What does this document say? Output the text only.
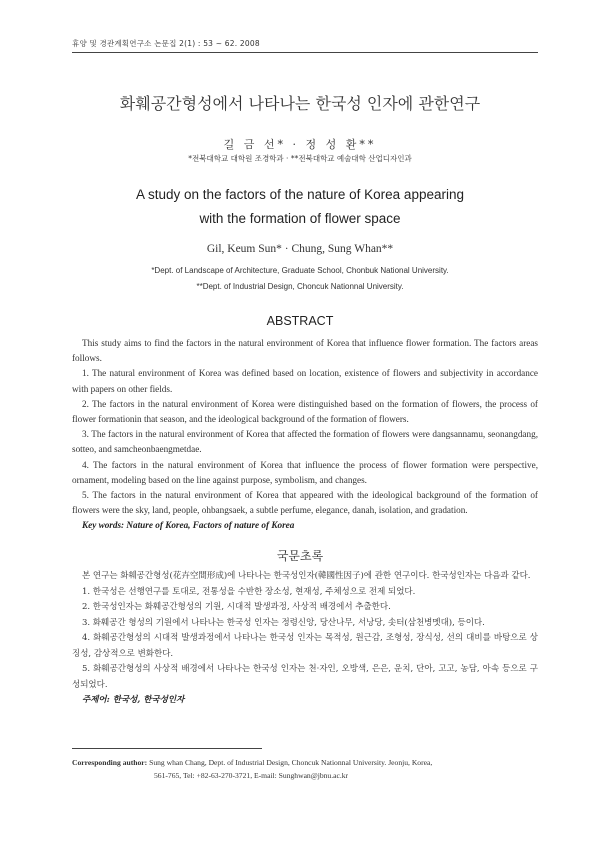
휴양 및 경관계획연구소 논문집 2(1) : 53 ~ 62. 2008
화훼공간형성에서 나타나는 한국성 인자에 관한연구
길 금 선* · 정 성 환**
*전북대학교 대학원 조경학과 · **전북대학교 예술대학 산업디자인과
A study on the factors of the nature of Korea appearing
with the formation of flower space
Gil, Keum Sun* · Chung, Sung Whan**
*Dept. of Landscape of Architecture, Graduate School, Chonbuk National University.
**Dept. of Industrial Design, Choncuk Nationnal University.
ABSTRACT

This study aims to find the factors in the natural environment of Korea that influence flower formation. The factors areas follows.

1. The natural environment of Korea was defined based on location, existence of flowers and subjectivity in accordance with papers on other fields.

2. The factors in the natural environment of Korea were distinguished based on the formation of flowers, the process of flower formationin that season, and the ideological background of the formation of flowers.

3. The factors in the natural environment of Korea that affected the formation of flowers were dangsannamu, seonangdang, sotteo, and samcheonbaengmetdae.

4. The factors in the natural environment of Korea that influence the process of flower formation were perspective, ornament, modeling based on the line against purpose, symbolism, and changes.

5. The factors in the natural environment of Korea that appeared with the ideological background of the formation of flowers were the sky, land, people, ohbangsaek, a subtle perfume, elegance, danah, isolation, and gradation.

Key words: Nature of Korea, Factors of nature of Korea

국문초록

본 연구는 화훼공간형성(花卉空間形成)에 나타나는 한국성인자(韓國性因子)에 관한 연구이다. 한국성인자는 다음과 같다.

1. 한국성은 선행연구를 토대로, 전통성을 수반한 장소성, 현재성, 주체성으로 전제 되었다.

2. 한국성인자는 화훼공간형성의 기원, 시대적 발생과정, 사상적 배경에서 추출한다.

3. 화훼공간 형성의 기원에서 나타나는 한국성 인자는 정령신앙, 당산나무, 서낭당, 솟터(삼천병멧대), 등이다.

4. 화훼공간형성의 시대적 발생과정에서 나타나는 한국성 인자는 목적성, 원근감, 조형성, 장식성, 선의 대비를 바탕으로 상징성, 감상적으로 변화한다.

5. 화훼공간형성의 사상적 배경에서 나타나는 한국성 인자는 천·자인, 오방색, 은은, 운치, 단아, 고고, 농담, 아속 등으로 구성되었다.

주제어: 한국성, 한국성인자

Corresponding author: Sung whan Chang, Dept. of Industrial Design, Choncuk Nationnal University. Jeonju, Korea,
561-765, Tel: +82-63-270-3721, E-mail: Sunghwan@jbnu.ac.kr
